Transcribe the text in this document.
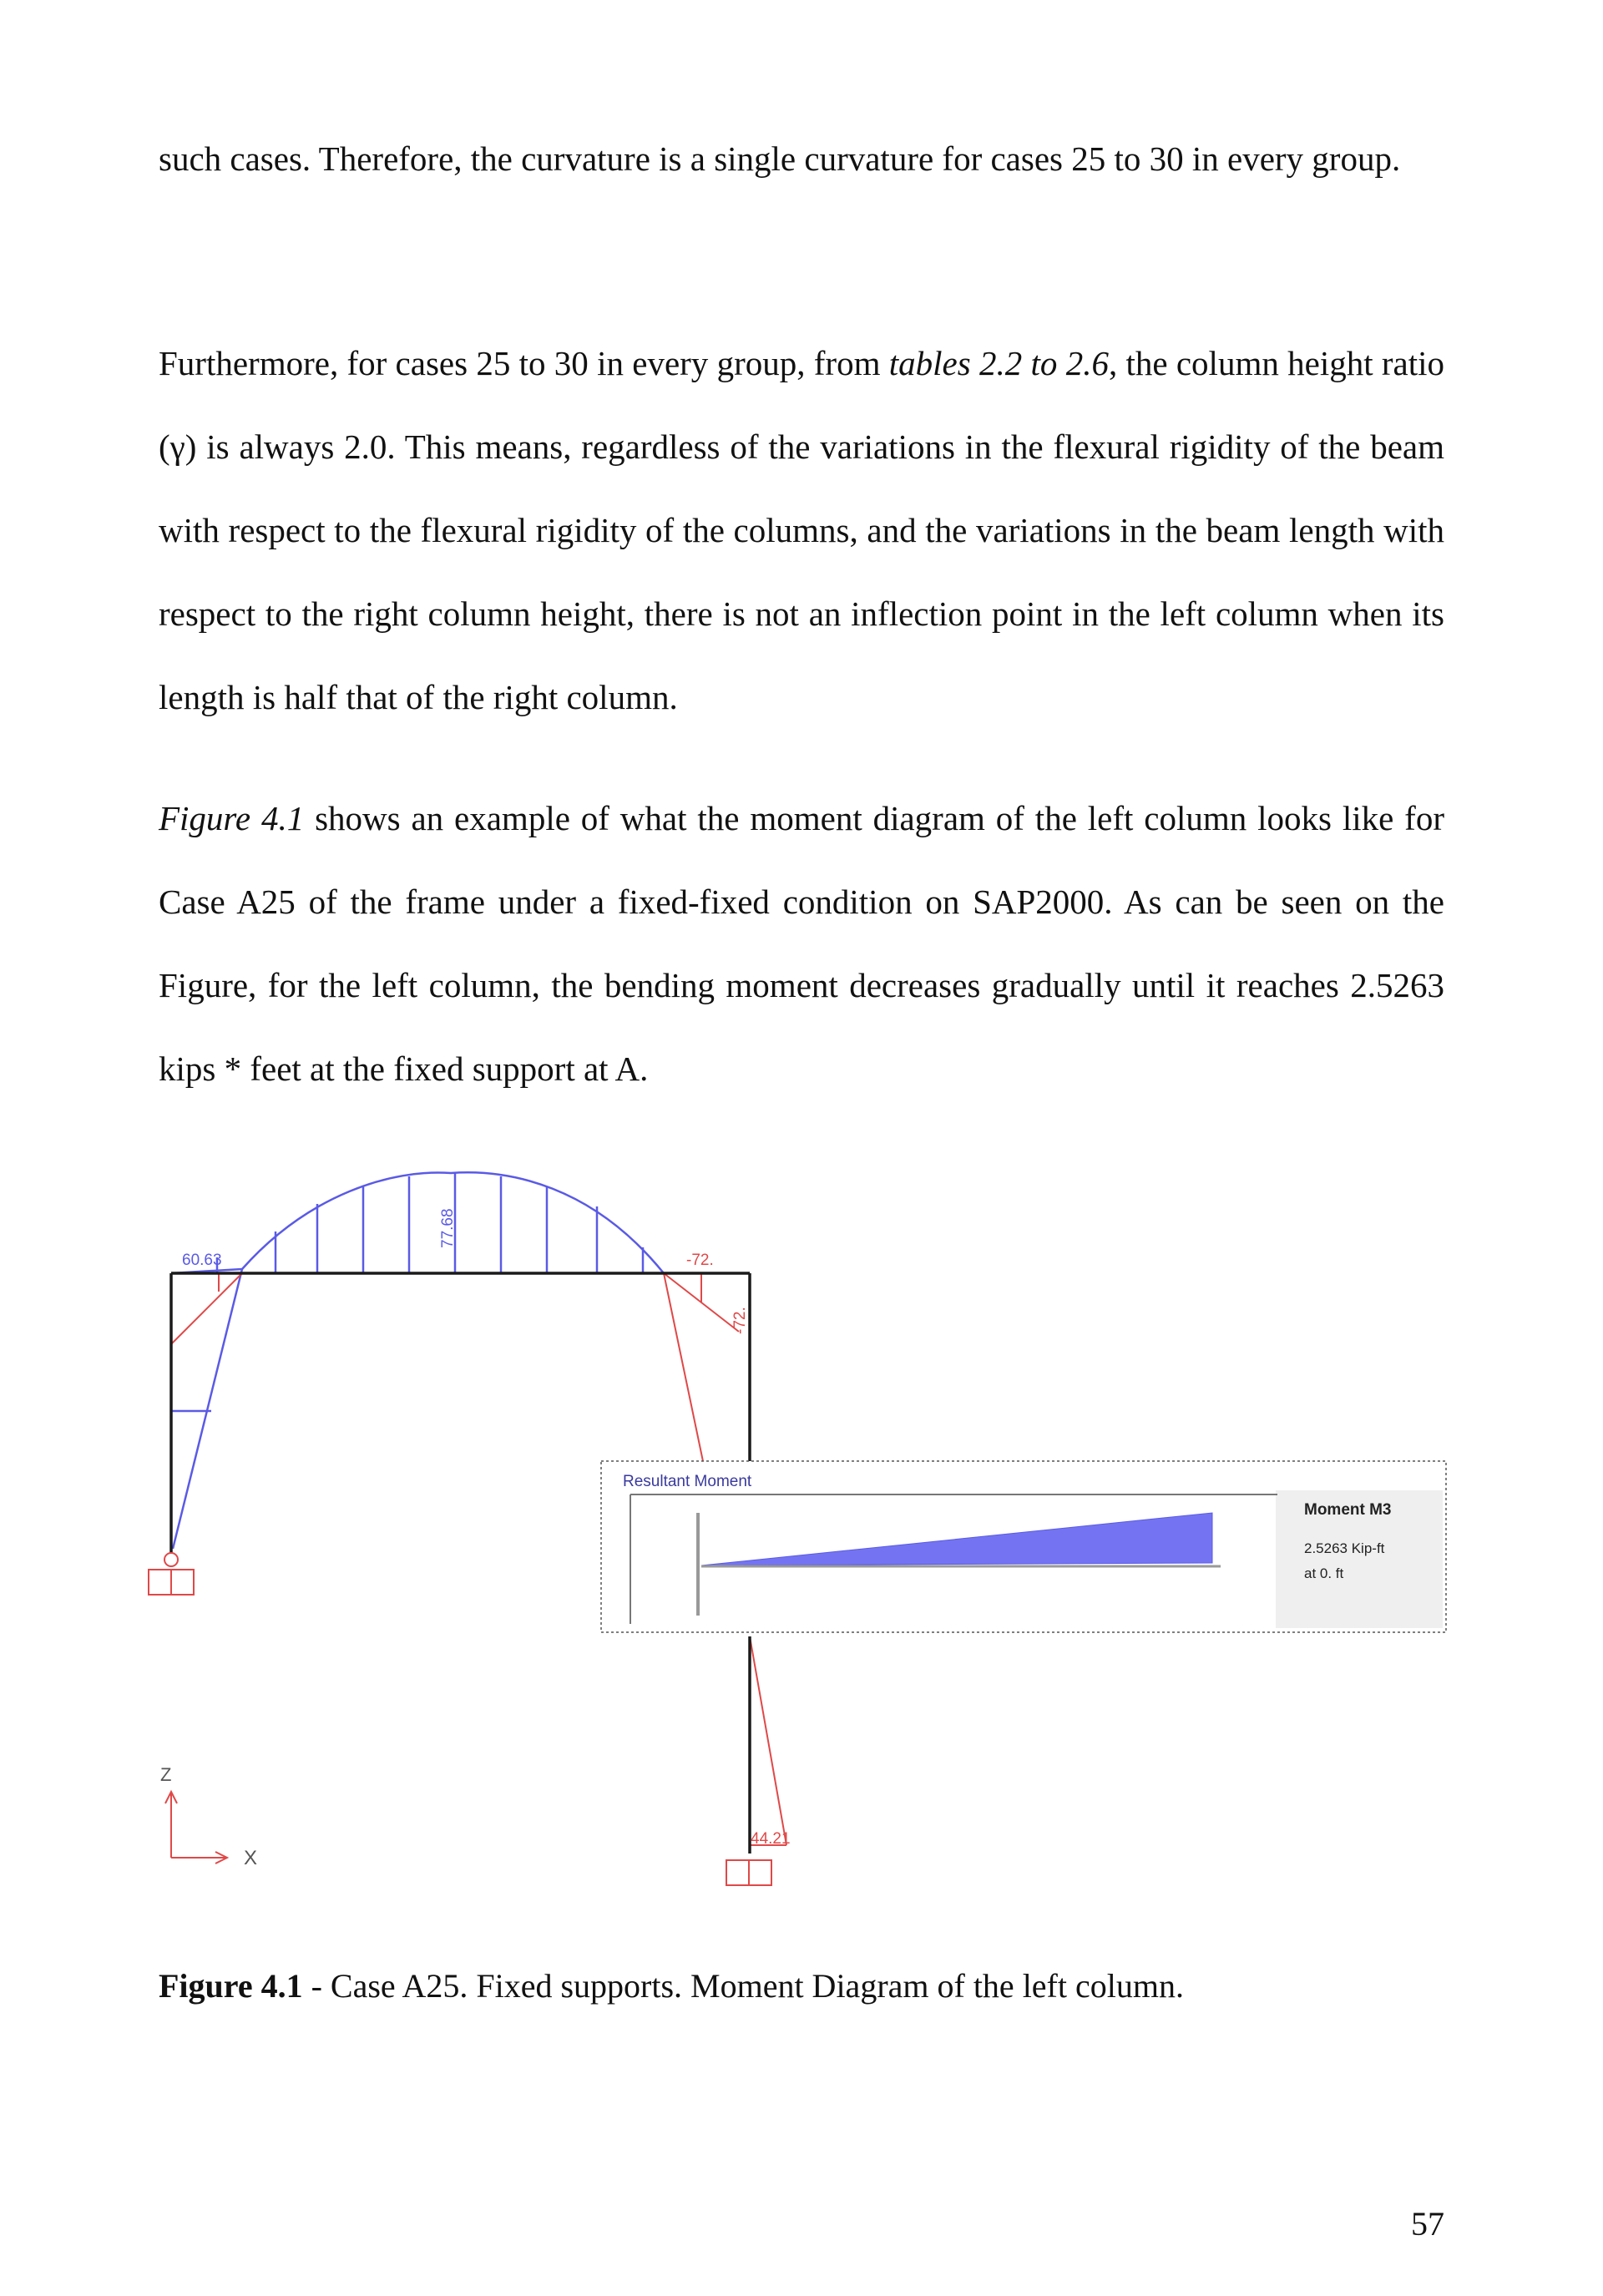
such cases. Therefore, the curvature is a single curvature for cases 25 to 30 in every group.

Furthermore, for cases 25 to 30 in every group, from tables 2.2 to 2.6, the column height ratio (γ) is always 2.0. This means, regardless of the variations in the flexural rigidity of the beam with respect to the flexural rigidity of the columns, and the variations in the beam length with respect to the right column height, there is not an inflection point in the left column when its length is half that of the right column.

Figure 4.1 shows an example of what the moment diagram of the left column looks like for Case A25 of the frame under a fixed-fixed condition on SAP2000. As can be seen on the Figure, for the left column, the bending moment decreases gradually until it reaches 2.5263 kips * feet at the fixed support at A.

60.63
77.68
-72.
-72.
44.21
Z
X
Resultant Moment
Moment M3
2.5263 Kip-ft
at 0. ft
Figure 4.1 - Case A25. Fixed supports. Moment Diagram of the left column.
57
